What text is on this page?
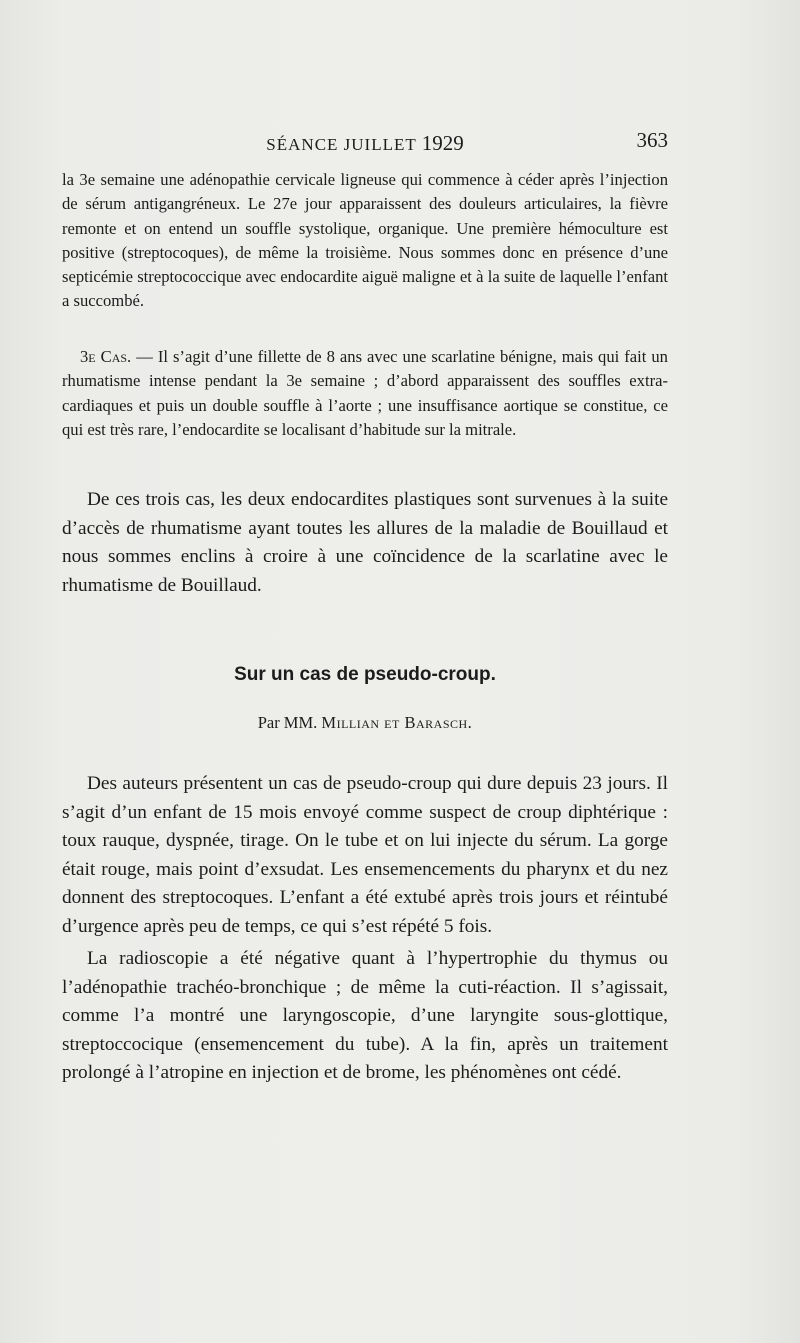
SÉANCE JUILLET 1929	363

la 3e semaine une adénopathie cervicale ligneuse qui commence à céder après l’injection de sérum antigangréneux. Le 27e jour apparaissent des douleurs articulaires, la fièvre remonte et on entend un souffle systolique, organique. Une première hémoculture est positive (streptocoques), de même la troisième. Nous sommes donc en présence d’une septicémie streptococcique avec endocardite aiguë maligne et à la suite de laquelle l’enfant a succombé.

3e Cas. — Il s’agit d’une fillette de 8 ans avec une scarlatine bénigne, mais qui fait un rhumatisme intense pendant la 3e semaine ; d’abord apparaissent des souffles extra-cardiaques et puis un double souffle à l’aorte ; une insuffisance aortique se constitue, ce qui est très rare, l’endocardite se localisant d’habitude sur la mitrale.

De ces trois cas, les deux endocardites plastiques sont survenues à la suite d’accès de rhumatisme ayant toutes les allures de la maladie de Bouillaud et nous sommes enclins à croire à une coïncidence de la scarlatine avec le rhumatisme de Bouillaud.

Sur un cas de pseudo-croup.
Par MM. Millian et Barasch.

Des auteurs présentent un cas de pseudo-croup qui dure depuis 23 jours. Il s’agit d’un enfant de 15 mois envoyé comme suspect de croup diphtérique : toux rauque, dyspnée, tirage. On le tube et on lui injecte du sérum. La gorge était rouge, mais point d’exsudat. Les ensemencements du pharynx et du nez donnent des streptocoques. L’enfant a été extubé après trois jours et réintubé d’urgence après peu de temps, ce qui s’est répété 5 fois.

La radioscopie a été négative quant à l’hypertrophie du thymus ou l’adénopathie trachéo-bronchique ; de même la cuti-réaction. Il s’agissait, comme l’a montré une laryngoscopie, d’une laryngite sous-glottique, streptoccocique (ensemencement du tube). A la fin, après un traitement prolongé à l’atropine en injection et de brome, les phénomènes ont cédé.
